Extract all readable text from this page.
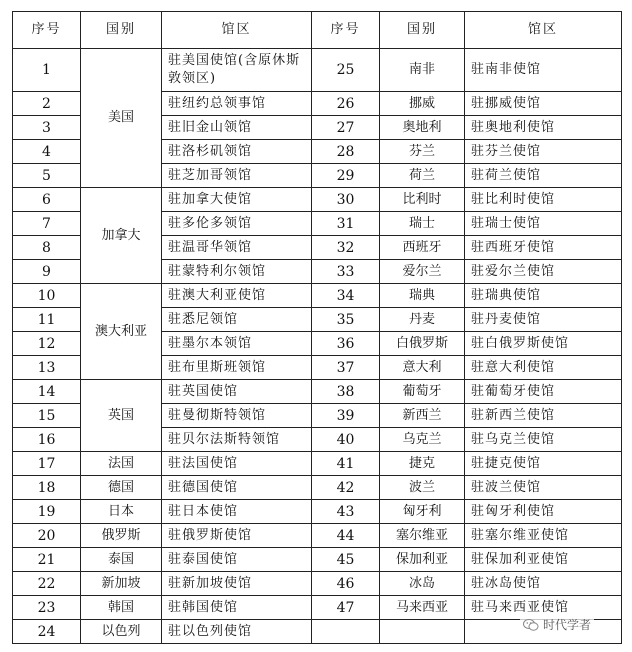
序号	国别	馆区	序号	国别	馆区
1	美国	驻美国使馆(含原休斯敦领区)	25	南非	驻南非使馆
2		驻纽约总领事馆	26	挪威	驻挪威使馆
3		驻旧金山领馆	27	奥地利	驻奥地利使馆
4		驻洛杉矶领馆	28	芬兰	驻芬兰使馆
5		驻芝加哥领馆	29	荷兰	驻荷兰使馆
6	加拿大	驻加拿大使馆	30	比利时	驻比利时使馆
7		驻多伦多领馆	31	瑞士	驻瑞士使馆
8		驻温哥华领馆	32	西班牙	驻西班牙使馆
9		驻蒙特利尔领馆	33	爱尔兰	驻爱尔兰使馆
10	澳大利亚	驻澳大利亚使馆	34	瑞典	驻瑞典使馆
11		驻悉尼领馆	35	丹麦	驻丹麦使馆
12		驻墨尔本领馆	36	白俄罗斯	驻白俄罗斯使馆
13		驻布里斯班领馆	37	意大利	驻意大利使馆
14	英国	驻英国使馆	38	葡萄牙	驻葡萄牙使馆
15		驻曼彻斯特领馆	39	新西兰	驻新西兰使馆
16		驻贝尔法斯特领馆	40	乌克兰	驻乌克兰使馆
17	法国	驻法国使馆	41	捷克	驻捷克使馆
18	德国	驻德国使馆	42	波兰	驻波兰使馆
19	日本	驻日本使馆	43	匈牙利	驻匈牙利使馆
20	俄罗斯	驻俄罗斯使馆	44	塞尔维亚	驻塞尔维亚使馆
21	泰国	驻泰国使馆	45	保加利亚	驻保加利亚使馆
22	新加坡	驻新加坡使馆	46	冰岛	驻冰岛使馆
23	韩国	驻韩国使馆	47	马来西亚	驻马来西亚使馆
24	以色列	驻以色列使馆				时代学者
